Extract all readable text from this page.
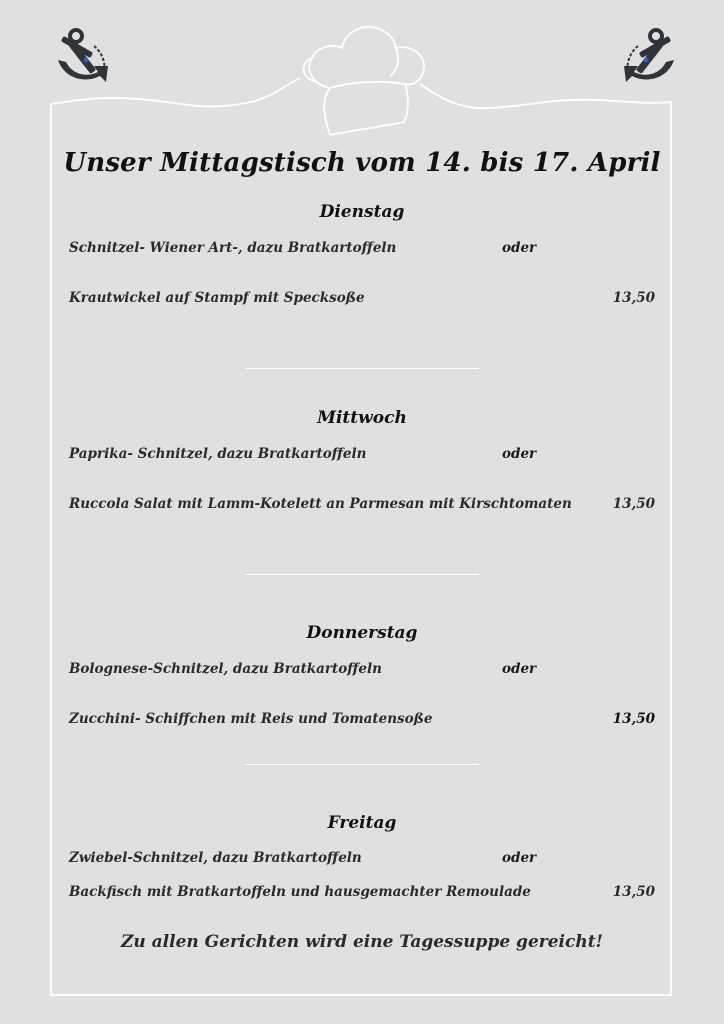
Unser Mittagstisch vom 14. bis 17. April
Dienstag
Schnitzel- Wiener Art-, dazu Bratkartoffeln	oder
Krautwickel auf Stampf mit Specksoße	13,50
Mittwoch
Paprika- Schnitzel, dazu Bratkartoffeln	oder
Ruccola Salat mit Lamm-Kotelett an Parmesan mit Kirschtomaten	13,50
Donnerstag
Bolognese-Schnitzel, dazu Bratkartoffeln	oder
Zucchini- Schiffchen mit Reis und Tomatensoße	13,50
Freitag
Zwiebel-Schnitzel, dazu Bratkartoffeln	oder
Backfisch mit Bratkartoffeln und hausgemachter Remoulade	13,50
Zu allen Gerichten wird eine Tagessuppe gereicht!
